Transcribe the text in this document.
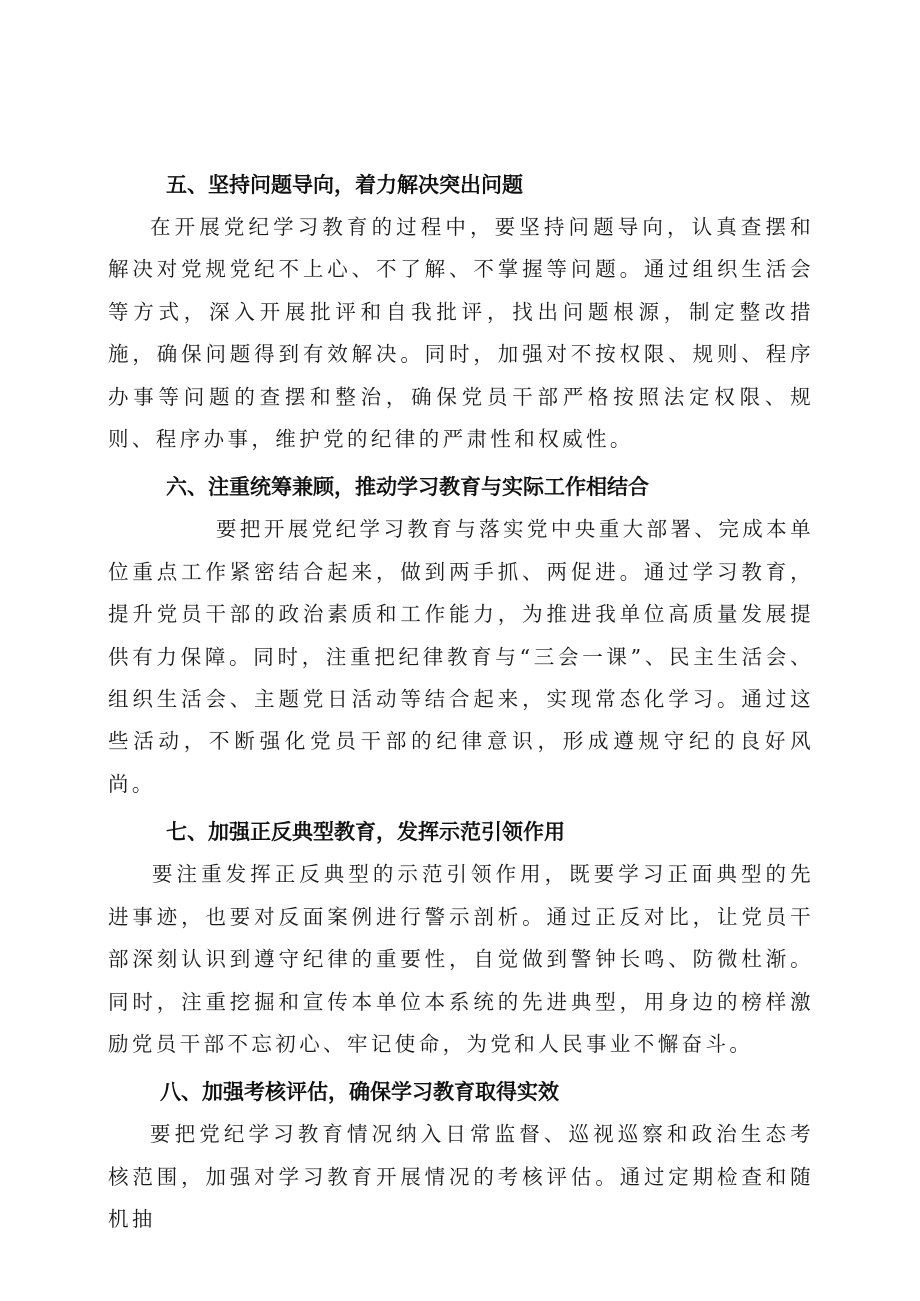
五、坚持问题导向，着力解决突出问题

在开展党纪学习教育的过程中，要坚持问题导向，认真查摆和解决对党规党纪不上心、不了解、不掌握等问题。通过组织生活会等方式，深入开展批评和自我批评，找出问题根源，制定整改措施，确保问题得到有效解决。同时，加强对不按权限、规则、程序办事等问题的查摆和整治，确保党员干部严格按照法定权限、规则、程序办事，维护党的纪律的严肃性和权威性。

六、注重统筹兼顾，推动学习教育与实际工作相结合

要把开展党纪学习教育与落实党中央重大部署、完成本单位重点工作紧密结合起来，做到两手抓、两促进。通过学习教育，提升党员干部的政治素质和工作能力，为推进我单位高质量发展提供有力保障。同时，注重把纪律教育与“三会一课”、民主生活会、组织生活会、主题党日活动等结合起来，实现常态化学习。通过这些活动，不断强化党员干部的纪律意识，形成遵规守纪的良好风尚。

七、加强正反典型教育，发挥示范引领作用

要注重发挥正反典型的示范引领作用，既要学习正面典型的先进事迹，也要对反面案例进行警示剖析。通过正反对比，让党员干部深刻认识到遵守纪律的重要性，自觉做到警钟长鸣、防微杜渐。同时，注重挖掘和宣传本单位本系统的先进典型，用身边的榜样激励党员干部不忘初心、牢记使命，为党和人民事业不懈奋斗。

八、加强考核评估，确保学习教育取得实效

要把党纪学习教育情况纳入日常监督、巡视巡察和政治生态考核范围，加强对学习教育开展情况的考核评估。通过定期检查和随机抽
